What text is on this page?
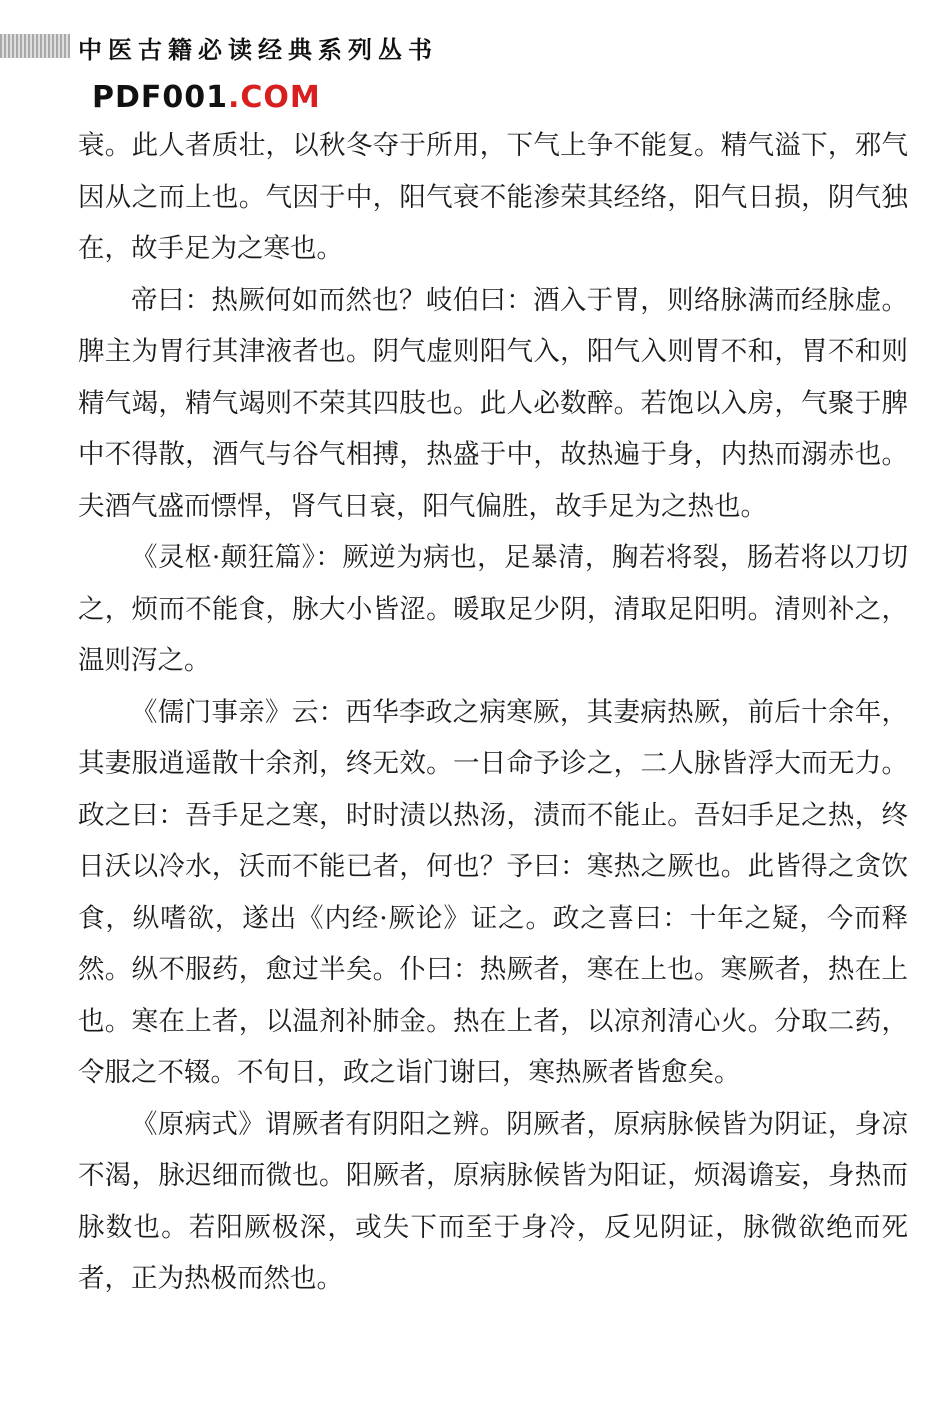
中医古籍必读经典系列丛书
PDF001.COM

衰。此人者质壮，以秋冬夺于所用，下气上争不能复。精气溢下，邪气因从之而上也。气因于中，阳气衰不能渗荣其经络，阳气日损，阴气独在，故手足为之寒也。

帝曰：热厥何如而然也？岐伯曰：酒入于胃，则络脉满而经脉虚。脾主为胃行其津液者也。阴气虚则阳气入，阳气入则胃不和，胃不和则精气竭，精气竭则不荣其四肢也。此人必数醉。若饱以入房，气聚于脾中不得散，酒气与谷气相搏，热盛于中，故热遍于身，内热而溺赤也。夫酒气盛而慓悍，肾气日衰，阳气偏胜，故手足为之热也。

《灵枢·颠狂篇》：厥逆为病也，足暴清，胸若将裂，肠若将以刀切之，烦而不能食，脉大小皆涩。暖取足少阴，清取足阳明。清则补之，温则泻之。

《儒门事亲》云：西华李政之病寒厥，其妻病热厥，前后十余年，其妻服逍遥散十余剂，终无效。一日命予诊之，二人脉皆浮大而无力。政之曰：吾手足之寒，时时渍以热汤，渍而不能止。吾妇手足之热，终日沃以冷水，沃而不能已者，何也？予曰：寒热之厥也。此皆得之贪饮食，纵嗜欲，遂出《内经·厥论》证之。政之喜曰：十年之疑，今而释然。纵不服药，愈过半矣。仆曰：热厥者，寒在上也。寒厥者，热在上也。寒在上者，以温剂补肺金。热在上者，以凉剂清心火。分取二药，令服之不辍。不旬日，政之诣门谢曰，寒热厥者皆愈矣。

《原病式》谓厥者有阴阳之辨。阴厥者，原病脉候皆为阴证，身凉不渴，脉迟细而微也。阳厥者，原病脉候皆为阳证，烦渴谵妄，身热而脉数也。若阳厥极深，或失下而至于身冷，反见阴证，脉微欲绝而死者，正为热极而然也。
